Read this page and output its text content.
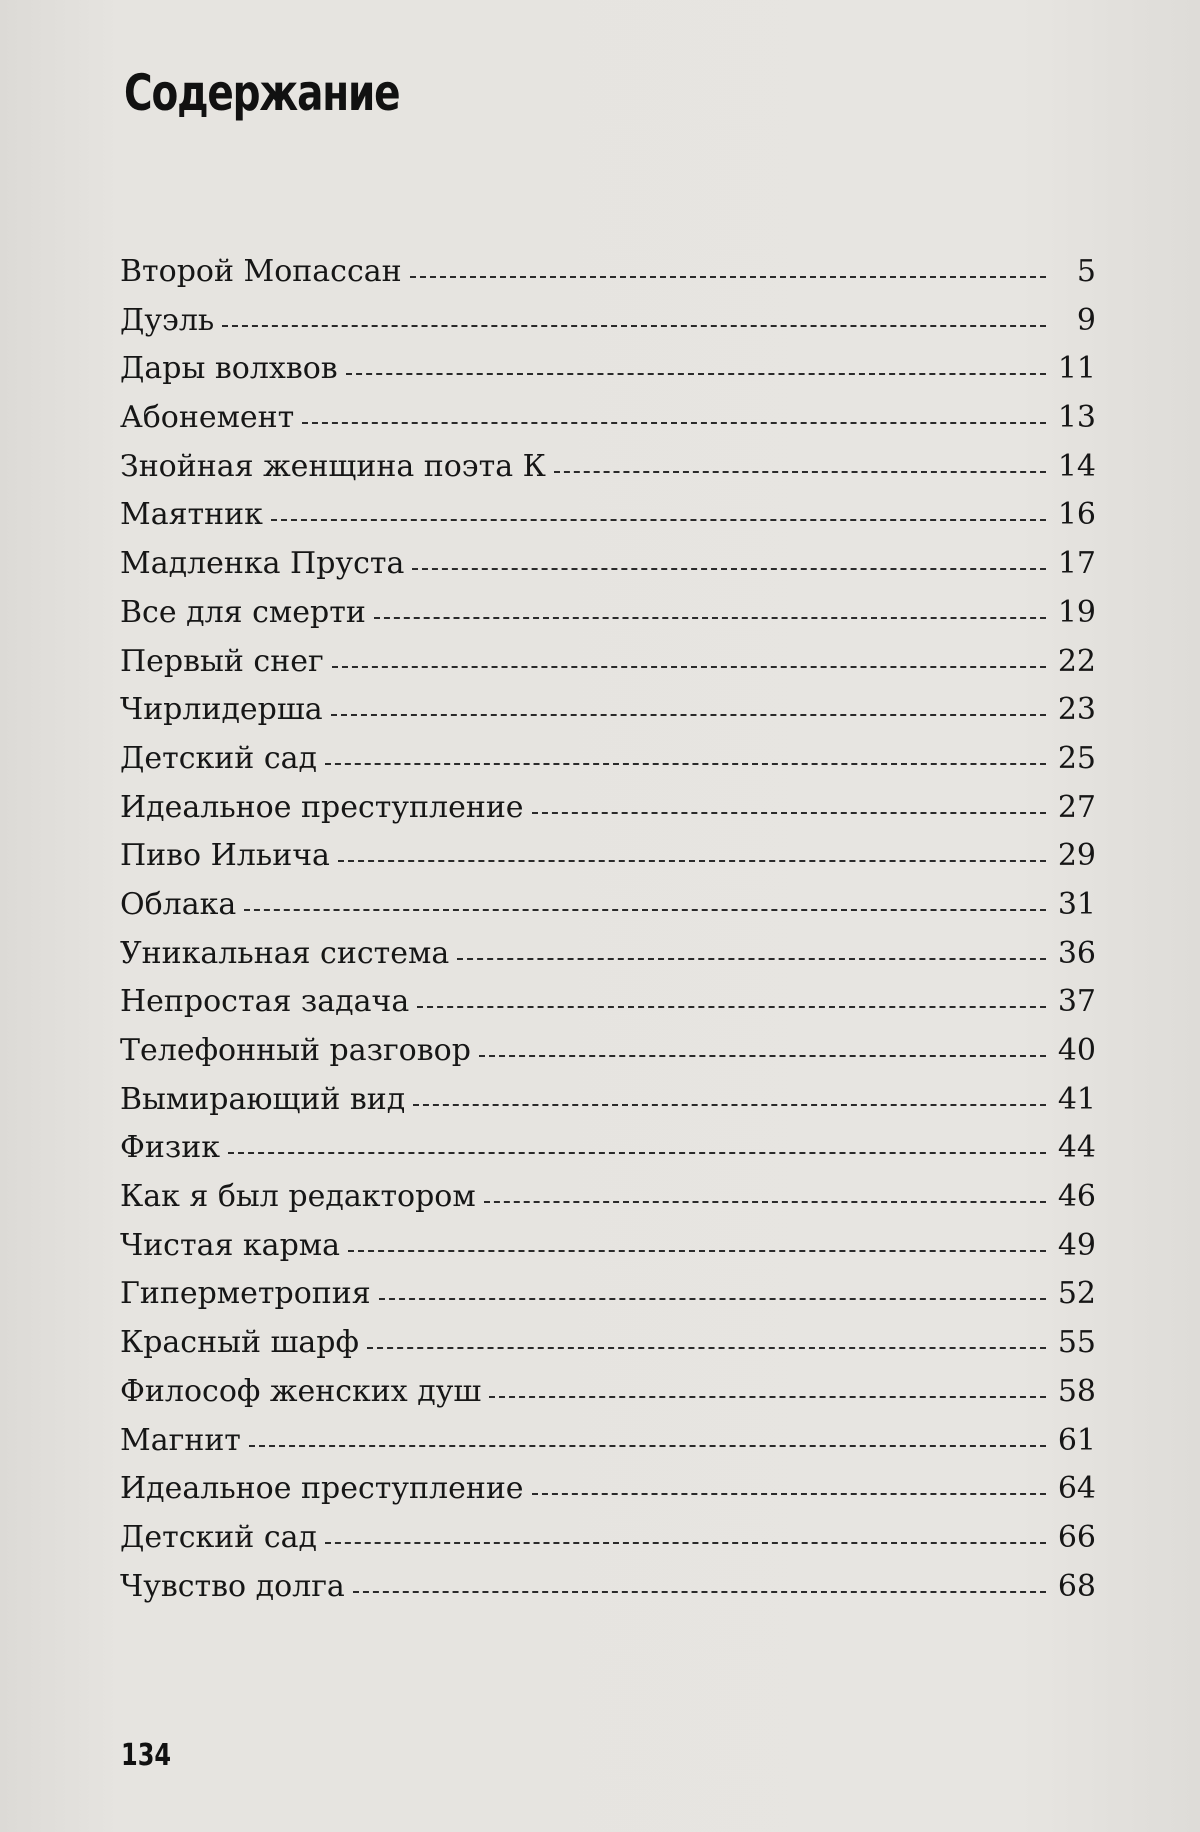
Содержание
Второй Мопассан	5
Дуэль	9
Дары волхвов	11
Абонемент	13
Знойная женщина поэта К	14
Маятник	16
Мадленка Пруста	17
Все для смерти	19
Первый снег	22
Чирлидерша	23
Детский сад	25
Идеальное преступление	27
Пиво Ильича	29
Облака	31
Уникальная система	36
Непростая задача	37
Телефонный разговор	40
Вымирающий вид	41
Физик	44
Как я был редактором	46
Чистая карма	49
Гиперметропия	52
Красный шарф	55
Философ женских душ	58
Магнит	61
Идеальное преступление	64
Детский сад	66
Чувство долга	68
134
